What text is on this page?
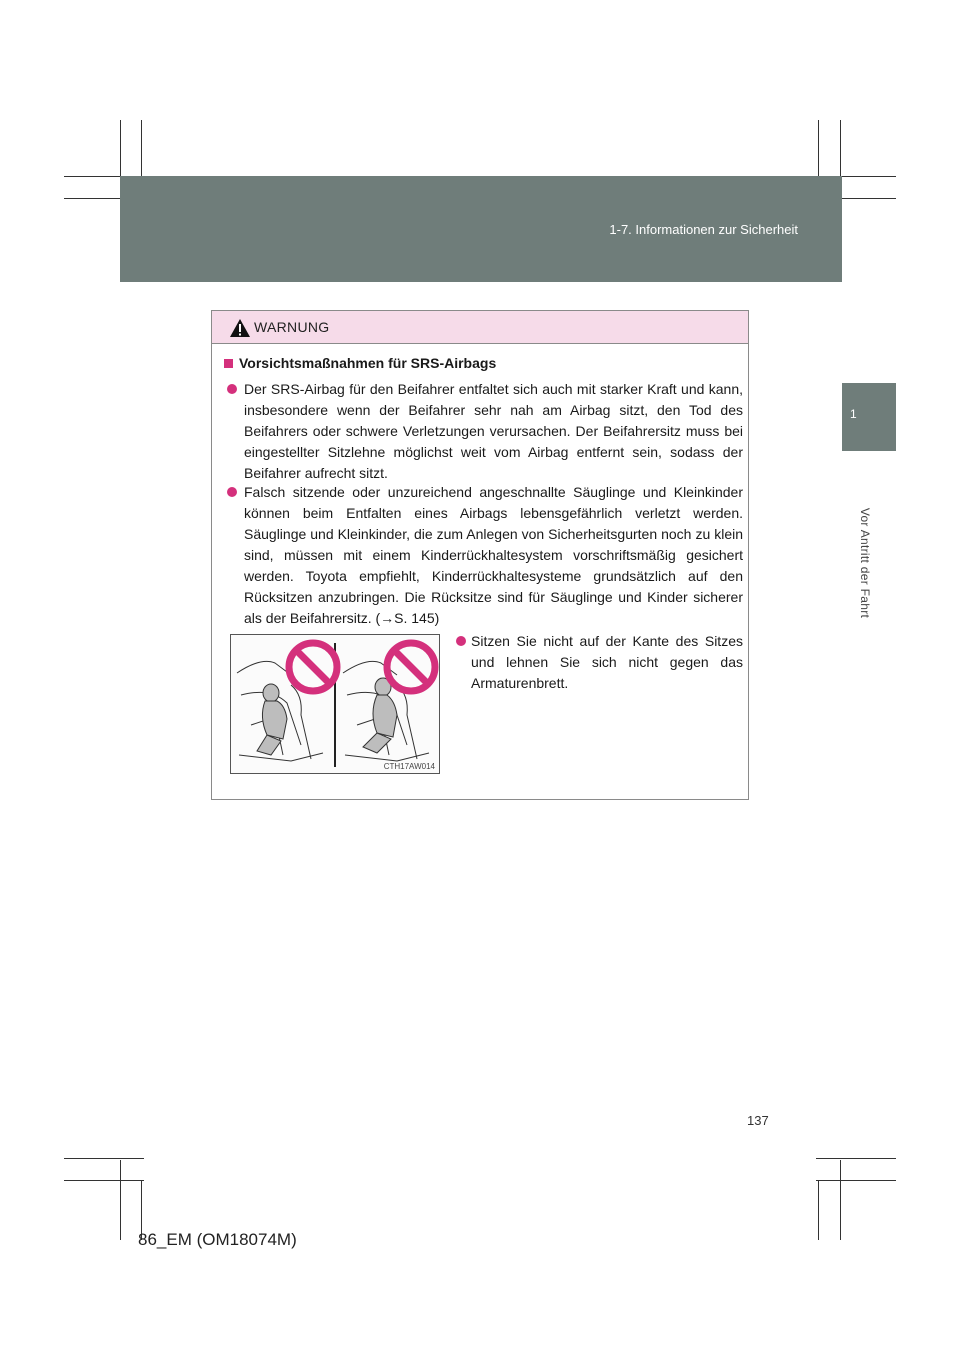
1-7. Informationen zur Sicherheit
1
Vor Antritt der Fahrt
WARNUNG
Vorsichtsmaßnahmen für SRS-Airbags
Der SRS-Airbag für den Beifahrer entfaltet sich auch mit starker Kraft und kann, insbesondere wenn der Beifahrer sehr nah am Airbag sitzt, den Tod des Beifahrers oder schwere Verletzungen verursachen. Der Beifahrersitz muss bei eingestellter Sitzlehne möglichst weit vom Airbag entfernt sein, sodass der Beifahrer aufrecht sitzt.
Falsch sitzende oder unzureichend angeschnallte Säuglinge und Kleinkinder können beim Entfalten eines Airbags lebensgefährlich verletzt werden. Säuglinge und Kleinkinder, die zum Anlegen von Sicherheitsgurten noch zu klein sind, müssen mit einem Kinderrückhaltesystem vorschriftsmäßig gesichert werden. Toyota empfiehlt, Kinderrückhaltesysteme grundsätzlich auf den Rücksitzen anzubringen. Die Rücksitze sind für Säuglinge und Kinder sicherer als der Beifahrersitz. (→S. 145)
CTH17AW014
Sitzen Sie nicht auf der Kante des Sitzes und lehnen Sie sich nicht gegen das Armaturenbrett.
137
86_EM (OM18074M)
